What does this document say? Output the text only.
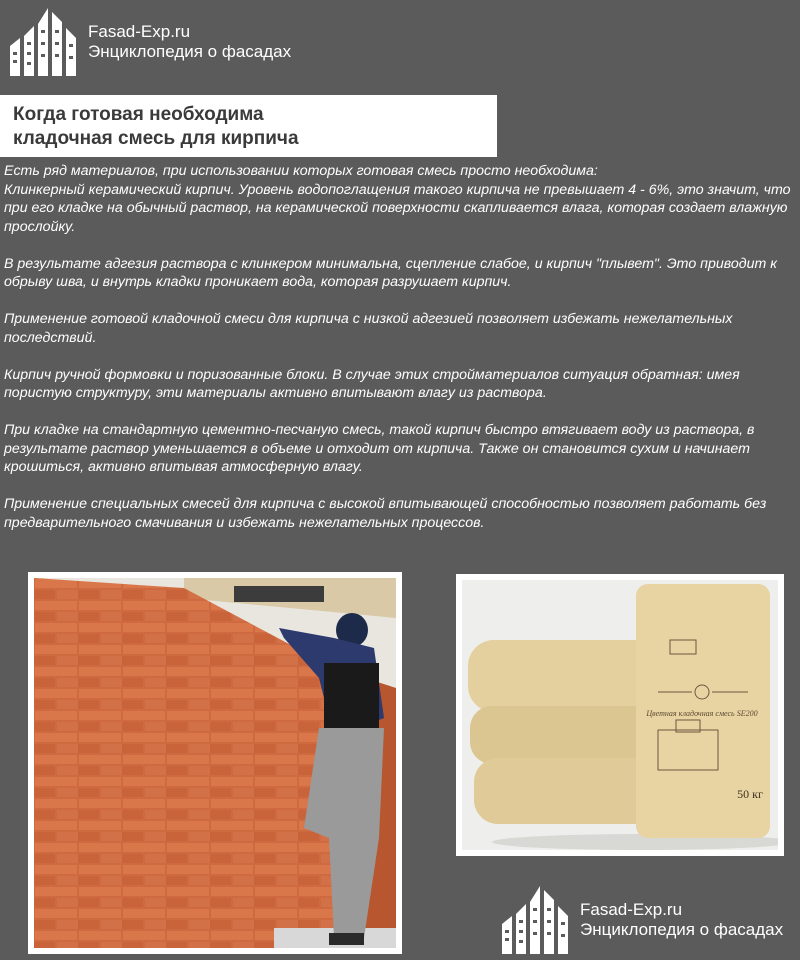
Fasad-Exp.ru
Энциклопедия о фасадах
Когда готовая необходима
кладочная смесь для кирпича

Есть ряд материалов, при использовании которых готовая смесь просто необходима:
Клинкерный керамический кирпич. Уровень водопоглащения такого кирпича не превышает 4 - 6%, это значит, что при его кладке на обычный раствор, на керамической поверхности скапливается влага, которая создает влажную прослойку.

В результате адгезия раствора с клинкером минимальна, сцепление слабое, и кирпич "плывет". Это приводит к обрыву шва, и внутрь кладки проникает вода, которая разрушает кирпич.

Применение готовой кладочной смеси для кирпича с низкой адгезией позволяет избежать нежелательных последствий.

Кирпич ручной формовки и поризованные блоки. В случае этих стройматериалов ситуация обратная: имея пористую структуру, эти материалы активно впитывают влагу из раствора.

При кладке на стандартную цементно-песчаную смесь, такой кирпич быстро втягивает воду из раствора, в результате раствор уменьшается в объеме и отходит от кирпича. Также он становится сухим и начинает крошиться, активно впитывая атмосферную влагу.

Применение специальных смесей для кирпича с высокой впитывающей способностью позволяет работать без предварительного смачивания и избежать нежелательных процессов.

Цветная кладочная смесь SE200
50 кг
Fasad-Exp.ru
Энциклопедия о фасадах
